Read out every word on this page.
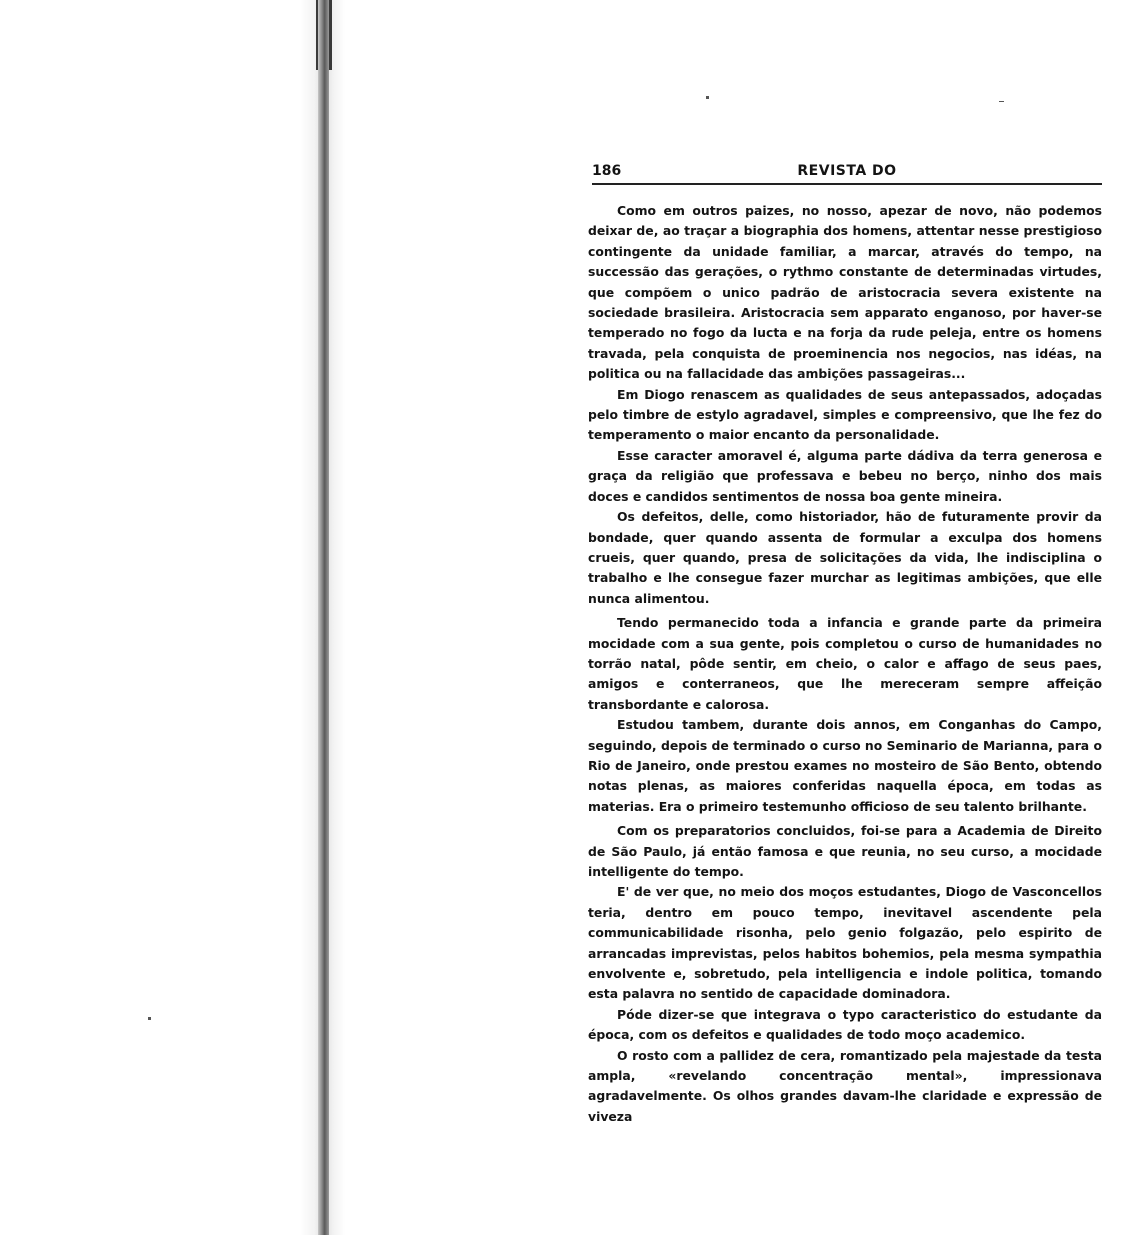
186	REVISTA DO

Como em outros paizes, no nosso, apezar de novo, não podemos deixar de, ao traçar a biographia dos homens, attentar nesse prestigioso contingente da unidade familiar, a marcar, através do tempo, na successão das gerações, o rythmo constante de determinadas virtudes, que compõem o unico padrão de aristocracia severa existente na sociedade brasileira. Aristocracia sem apparato enganoso, por haver-se temperado no fogo da lucta e na forja da rude peleja, entre os homens travada, pela conquista de proeminencia nos negocios, nas idéas, na politica ou na fallacidade das ambições passageiras...

Em Diogo renascem as qualidades de seus antepassados, adoçadas pelo timbre de estylo agradavel, simples e compreensivo, que lhe fez do temperamento o maior encanto da personalidade.

Esse caracter amoravel é, alguma parte dádiva da terra generosa e graça da religião que professava e bebeu no berço, ninho dos mais doces e candidos sentimentos de nossa boa gente mineira.

Os defeitos, delle, como historiador, hão de futuramente provir da bondade, quer quando assenta de formular a exculpa dos homens crueis, quer quando, presa de solicitações da vida, lhe indisciplina o trabalho e lhe consegue fazer murchar as legitimas ambições, que elle nunca alimentou.

Tendo permanecido toda a infancia e grande parte da primeira mocidade com a sua gente, pois completou o curso de humanidades no torrão natal, pôde sentir, em cheio, o calor e affago de seus paes, amigos e conterraneos, que lhe mereceram sempre affeição transbordante e calorosa.

Estudou tambem, durante dois annos, em Conganhas do Campo, seguindo, depois de terminado o curso no Seminario de Marianna, para o Rio de Janeiro, onde prestou exames no mosteiro de São Bento, obtendo notas plenas, as maiores conferidas naquella época, em todas as materias. Era o primeiro testemunho officioso de seu talento brilhante.

Com os preparatorios concluidos, foi-se para a Academia de Direito de São Paulo, já então famosa e que reunia, no seu curso, a mocidade intelligente do tempo.

E' de ver que, no meio dos moços estudantes, Diogo de Vasconcellos teria, dentro em pouco tempo, inevitavel ascendente pela communicabilidade risonha, pelo genio folgazão, pelo espirito de arrancadas imprevistas, pelos habitos bohemios, pela mesma sympathia envolvente e, sobretudo, pela intelligencia e indole politica, tomando esta palavra no sentido de capacidade dominadora.

Póde dizer-se que integrava o typo caracteristico do estudante da época, com os defeitos e qualidades de todo moço academico.

O rosto com a pallidez de cera, romantizado pela majestade da testa ampla, «revelando concentração mental», impressionava agradavelmente. Os olhos grandes davam-lhe claridade e expressão de viveza
